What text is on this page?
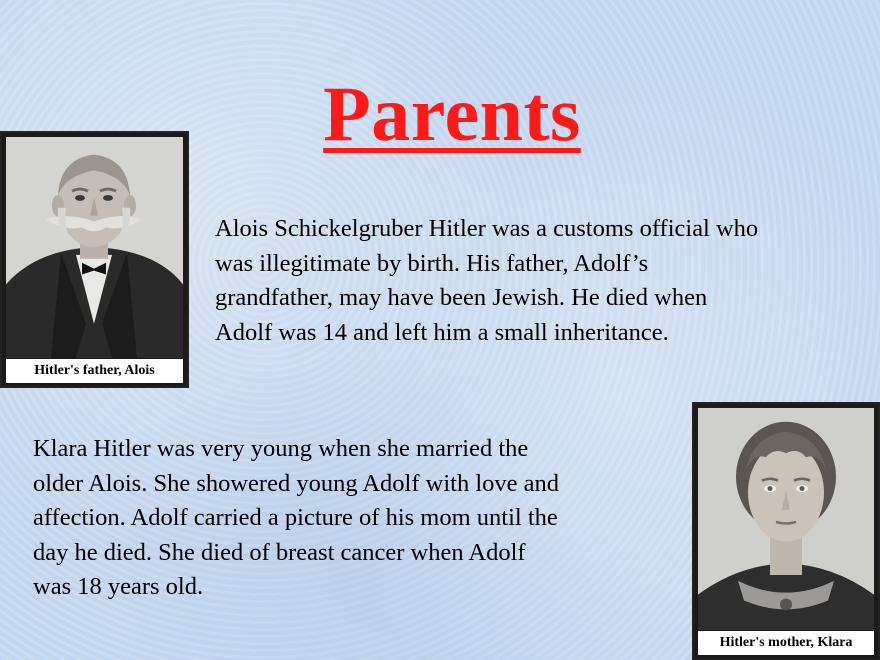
Parents
Hitler's father, Alois

Alois Schickelgruber Hitler was a customs official who
was illegitimate by birth. His father, Adolf’s
grandfather, may have been Jewish. He died when
Adolf was 14 and left him a small inheritance.

Klara Hitler was very young when she married the
older Alois. She showered young Adolf with love and
affection. Adolf carried a picture of his mom until the
day he died. She died of breast cancer when Adolf
was 18 years old.

Hitler's mother, Klara
